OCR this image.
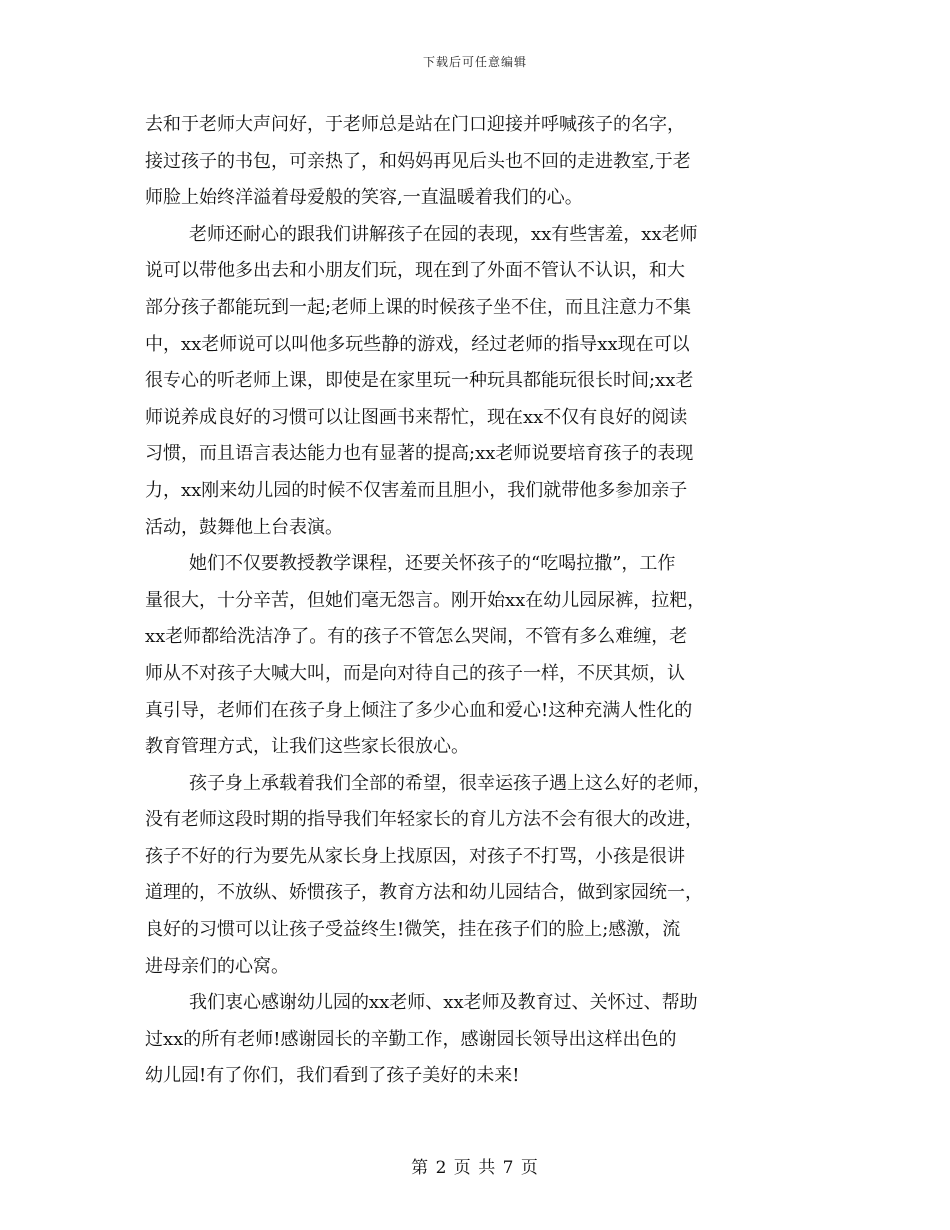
下载后可任意编辑
去和于老师大声问好，于老师总是站在门口迎接并呼喊孩子的名字，
接过孩子的书包，可亲热了，和妈妈再见后头也不回的走进教室,于老
师脸上始终洋溢着母爱般的笑容,一直温暖着我们的心。
老师还耐心的跟我们讲解孩子在园的表现，xx有些害羞，xx老师
说可以带他多出去和小朋友们玩，现在到了外面不管认不认识，和大
部分孩子都能玩到一起;老师上课的时候孩子坐不住，而且注意力不集
中，xx老师说可以叫他多玩些静的游戏，经过老师的指导xx现在可以
很专心的听老师上课，即使是在家里玩一种玩具都能玩很长时间;xx老
师说养成良好的习惯可以让图画书来帮忙，现在xx不仅有良好的阅读
习惯，而且语言表达能力也有显著的提高;xx老师说要培育孩子的表现
力，xx刚来幼儿园的时候不仅害羞而且胆小，我们就带他多参加亲子
活动，鼓舞他上台表演。
她们不仅要教授教学课程，还要关怀孩子的“吃喝拉撒”，工作
量很大，十分辛苦，但她们毫无怨言。刚开始xx在幼儿园尿裤，拉粑，
xx老师都给洗洁净了。有的孩子不管怎么哭闹，不管有多么难缠，老
师从不对孩子大喊大叫，而是向对待自己的孩子一样，不厌其烦，认
真引导，老师们在孩子身上倾注了多少心血和爱心!这种充满人性化的
教育管理方式，让我们这些家长很放心。
孩子身上承载着我们全部的希望，很幸运孩子遇上这么好的老师，
没有老师这段时期的指导我们年轻家长的育儿方法不会有很大的改进，
孩子不好的行为要先从家长身上找原因，对孩子不打骂，小孩是很讲
道理的，不放纵、娇惯孩子，教育方法和幼儿园结合，做到家园统一，
良好的习惯可以让孩子受益终生!微笑，挂在孩子们的脸上;感激，流
进母亲们的心窝。
我们衷心感谢幼儿园的xx老师、xx老师及教育过、关怀过、帮助
过xx的所有老师!感谢园长的辛勤工作，感谢园长领导出这样出色的
幼儿园!有了你们，我们看到了孩子美好的未来!
第 2 页 共 7 页
